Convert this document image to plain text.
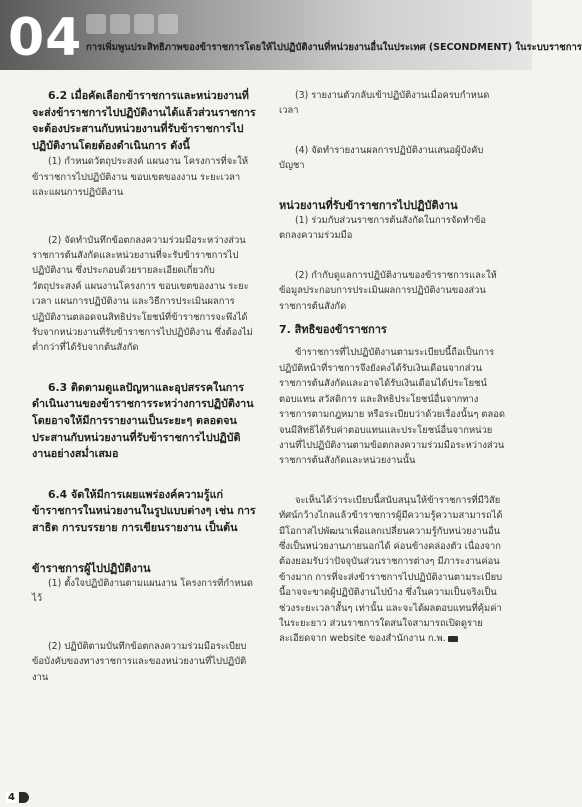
04 การเพิ่มพูนประสิทธิภาพของข้าราชการโดยให้ไปปฏิบัติงานที่หน่วยงานอื่นในประเทศ (SECONDMENT) ในระบบราชการ

6.2 เมื่อคัดเลือกข้าราชการและหน่วยงานที่จะส่งข้าราชการไปปฏิบัติงานได้แล้วส่วนราชการจะต้องประสานกับหน่วยงานที่รับข้าราชการไปปฏิบัติงานโดยต้องดำเนินการ ดังนี้

(1) กำหนดวัตถุประสงค์ แผนงาน โครงการที่จะให้ข้าราชการไปปฏิบัติงาน ขอบเขตของงาน ระยะเวลา และแผนการปฏิบัติงาน

(2) จัดทำบันทึกข้อตกลงความร่วมมือระหว่างส่วนราชการต้นสังกัดและหน่วยงานที่จะรับข้าราชการไปปฏิบัติงาน ซึ่งประกอบด้วยรายละเอียดเกี่ยวกับวัตถุประสงค์ แผนงานโครงการ ขอบเขตของงาน ระยะเวลา แผนการปฏิบัติงาน และวิธีการประเมินผลการปฏิบัติงานตลอดจนสิทธิประโยชน์ที่ข้าราชการจะพึงได้รับจากหน่วยงานที่รับข้าราชการไปปฏิบัติงาน ซึ่งต้องไม่ต่ำกว่าที่ได้รับจากต้นสังกัด

6.3 ติดตามดูแลปัญหาและอุปสรรคในการดำเนินงานของข้าราชการระหว่างการปฏิบัติงาน โดยอาจให้มีการรายงานเป็นระยะๆ ตลอดจนประสานกับหน่วยงานที่รับข้าราชการไปปฏิบัติงานอย่างสม่ำเสมอ

6.4 จัดให้มีการเผยแพร่องค์ความรู้แก่ข้าราชการในหน่วยงานในรูปแบบต่างๆ เช่น การสาธิต การบรรยาย การเขียนรายงาน เป็นต้น

ข้าราชการผู้ไปปฏิบัติงาน

(1) ตั้งใจปฏิบัติงานตามแผนงาน โครงการที่กำหนดไว้

(2) ปฏิบัติตามบันทึกข้อตกลงความร่วมมือระเบียบข้อบังคับของทางราชการและของหน่วยงานที่ไปปฏิบัติงาน

(3) รายงานตัวกลับเข้าปฏิบัติงานเมื่อครบกำหนดเวลา

(4) จัดทำรายงานผลการปฏิบัติงานเสนอผู้บังคับบัญชา

หน่วยงานที่รับข้าราชการไปปฏิบัติงาน

(1) ร่วมกับส่วนราชการต้นสังกัดในการจัดทำข้อตกลงความร่วมมือ

(2) กำกับดูแลการปฏิบัติงานของข้าราชการและให้ข้อมูลประกอบการประเมินผลการปฏิบัติงานของส่วนราชการต้นสังกัด

7. สิทธิของข้าราชการ

ข้าราชการที่ไปปฏิบัติงานตามระเบียบนี้ถือเป็นการปฏิบัติหน้าที่ราชการจึงยังคงได้รับเงินเดือนจากส่วนราชการต้นสังกัดและอาจได้รับเงินเดือนได้ประโยชน์ตอบแทน สวัสดิการ และสิทธิประโยชน์อื่นจากทางราชการตามกฎหมาย หรือระเบียบว่าด้วยเรื่องนั้นๆ ตลอดจนมีสิทธิได้รับค่าตอบแทนและประโยชน์อื่นจากหน่วยงานที่ไปปฏิบัติงานตามข้อตกลงความร่วมมือระหว่างส่วนราชการต้นสังกัดและหน่วยงานนั้น

จะเห็นได้ว่าระเบียบนี้สนับสนุนให้ข้าราชการที่มีวิสัยทัศน์กว้างไกลแล้วข้าราชการผู้มีความรู้ความสามารถได้มีโอกาสไปพัฒนาเพื่อแลกเปลี่ยนความรู้กับหน่วยงานอื่นซึ่งเป็นหน่วยงานภายนอกได้ ค่อนข้างคล่องตัว เนื่องจากต้องยอมรับว่าปัจจุบันส่วนราชการต่างๆ มีภาระงานค่อนข้างมาก การที่จะส่งข้าราชการไปปฏิบัติงานตามระเบียบนี้อาจจะขาดผู้ปฏิบัติงานไปบ้าง ซึ่งในความเป็นจริงเป็นช่วงระยะเวลาสั้นๆ เท่านั้น และจะได้ผลตอบแทนที่คุ้มค่าในระยะยาว ส่วนราชการใดสนใจสามารถเปิดดูรายละเอียดจาก website ของสำนักงาน ก.พ.

4
